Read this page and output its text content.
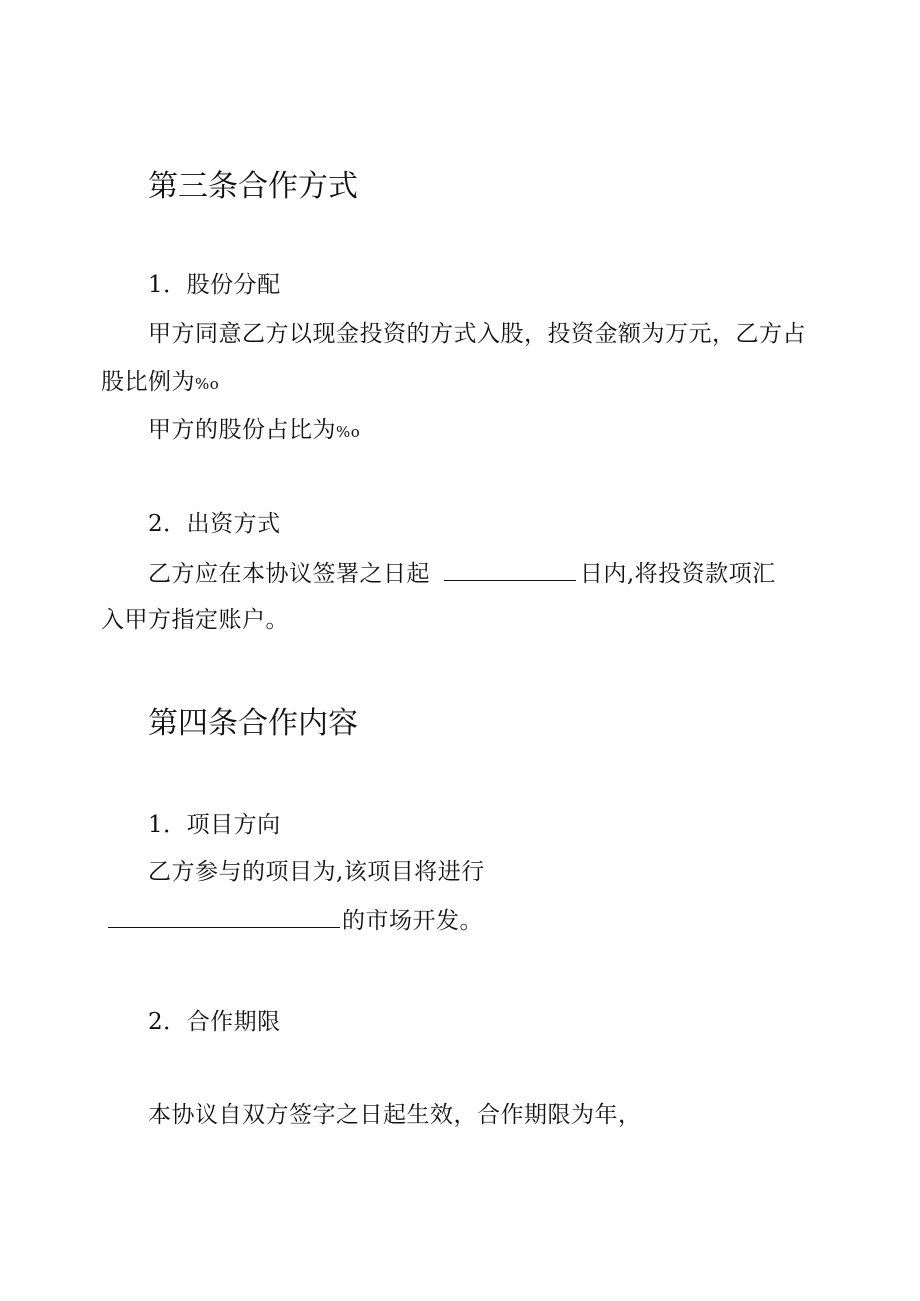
第三条合作方式
1．股份分配
甲方同意乙方以现金投资的方式入股，投资金额为万元，乙方占
股比例为%o
甲方的股份占比为%o
2．出资方式
乙方应在本协议签署之日起	日内,将投资款项汇
入甲方指定账户。
第四条合作内容
1．项目方向
乙方参与的项目为,该项目将进行
的市场开发。
2．合作期限
本协议自双方签字之日起生效，合作期限为年，
